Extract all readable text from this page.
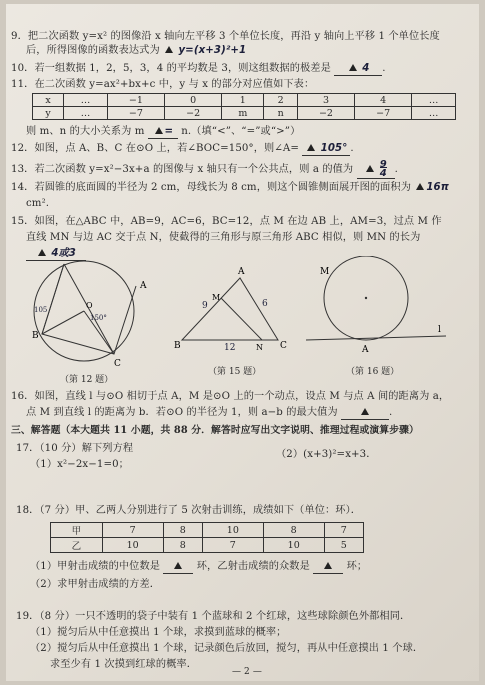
9．把二次函数 y=x² 的图像沿 x 轴向左平移 3 个单位长度，再沿 y 轴向上平移 1 个单位长度
后，所得图像的函数表达式为 y=(x+3)²+1
10．若一组数据 1，2，5，3，4 的平均数是 3，则这组数据的极差是	4 .
11．在二次函数 y=ax²+bx+c 中，y 与 x 的部分对应值如下表：
x	…	−1	0	1	2	3	4	…
y	…	−7	−2	m	n	−2	−7	…
则 m、n 的大小关系为 m = n.（填“<”、“=”或“>”）
12．如图，点 A、B、C 在⊙O 上，若∠BOC=150°，则∠A= 105° .
13．若二次函数 y=x²−3x+a 的图像与 x 轴只有一个公共点，则 a 的值为	9
4 .
14．若圆锥的底面圆的半径为 2 cm，母线长为 8 cm，则这个圆锥侧面展开图的面积为 16π
cm².
15．如图，在△ABC 中，AB=9，AC=6，BC=12，点 M 在边 AB 上，AM=3，过点 M 作
直线 MN 与边 AC 交于点 N，使截得的三角形与原三角形 ABC 相似，则 MN 的长为
4或3
A
B
C
O
150°
105
A
B	C
M
N
9	6
12
M
A
l
（第 12 题）
（第 15 题）	（第 16 题）
16．如图，直线 l 与⊙O 相切于点 A，M 是⊙O 上的一个动点，设点 M 与点 A 间的距离为 a，
点 M 到直线 l 的距离为 b．若⊙O 的半径为 1，则 a−b 的最大值为	.
三、解答题（本大题共 11 小题，共 88 分．解答时应写出文字说明、推理过程或演算步骤）
17．（10 分）解下列方程
（1）x²−2x−1=0；
（2）(x+3)²=x+3．
18．（7 分）甲、乙两人分别进行了 5 次射击训练，成绩如下（单位：环）．
甲	7	8	10	8	7
乙	10	8	7	10	5
（1）甲射击成绩的中位数是	环，乙射击成绩的众数是	环；
（2）求甲射击成绩的方差．
19．（8 分）一只不透明的袋子中装有 1 个蓝球和 2 个红球，这些球除颜色外都相同．
（1）搅匀后从中任意摸出 1 个球，求摸到蓝球的概率；
（2）搅匀后从中任意摸出 1 个球，记录颜色后放回，搅匀，再从中任意摸出 1 个球．
求至少有 1 次摸到红球的概率．
— 2 —
